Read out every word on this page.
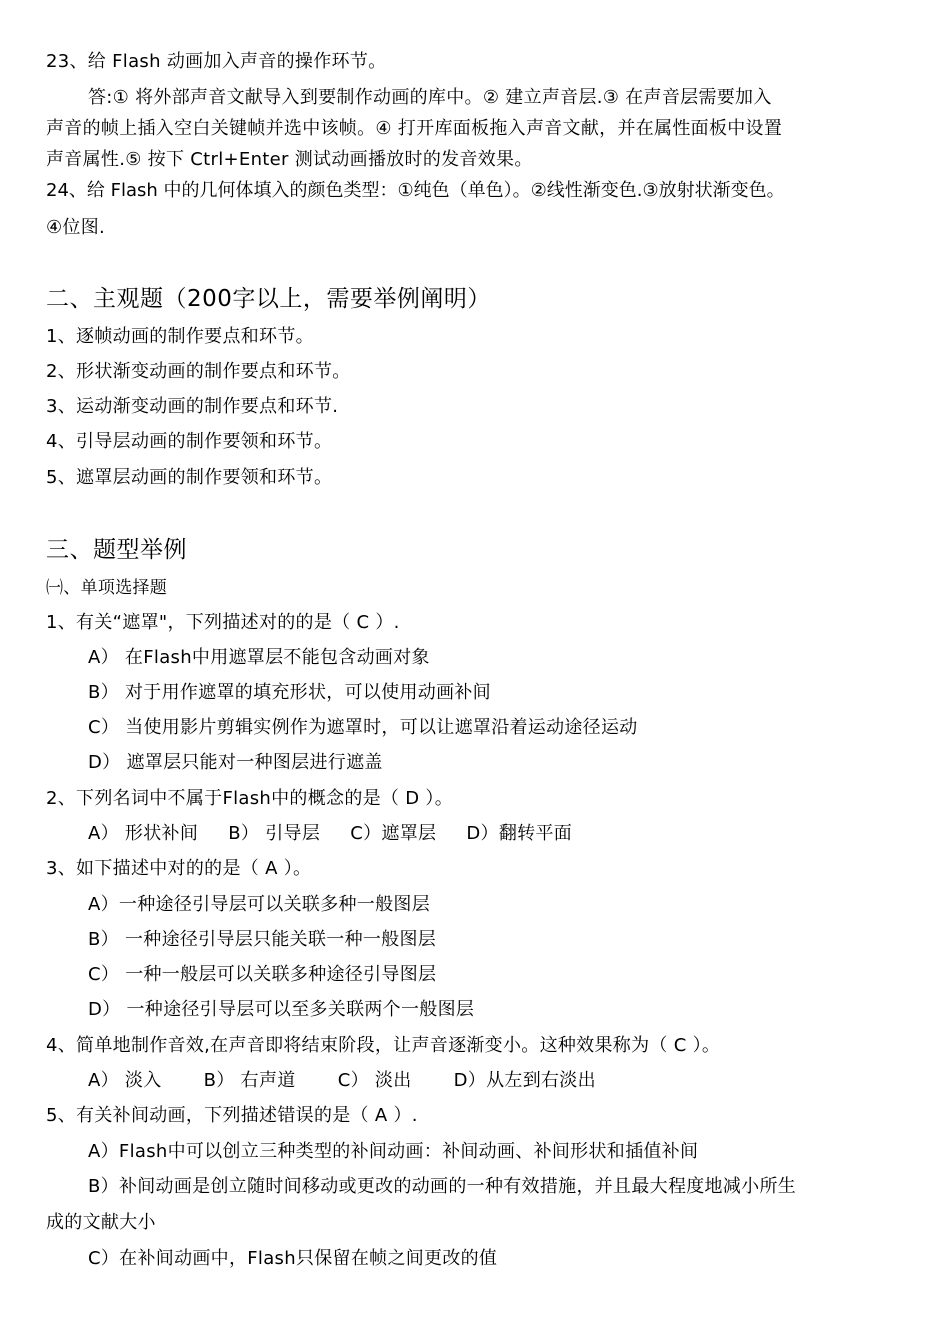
23、给 Flash 动画加入声音的操作环节。
答:① 将外部声音文献导入到要制作动画的库中。② 建立声音层.③ 在声音层需要加入
声音的帧上插入空白关键帧并选中该帧。④ 打开库面板拖入声音文献，并在属性面板中设置
声音属性.⑤ 按下 Ctrl+Enter 测试动画播放时的发音效果。
24、给 Flash 中的几何体填入的颜色类型：①纯色（单色）。②线性渐变色.③放射状渐变色。
④位图.
二、主观题（200字以上，需要举例阐明）
1、逐帧动画的制作要点和环节。
2、形状渐变动画的制作要点和环节。
3、运动渐变动画的制作要点和环节.
4、引导层动画的制作要领和环节。
5、遮罩层动画的制作要领和环节。
三、题型举例
㈠、单项选择题
1、有关“遮罩"，下列描述对的的是（ C ）.
A） 在Flash中用遮罩层不能包含动画对象
B） 对于用作遮罩的填充形状，可以使用动画补间
C） 当使用影片剪辑实例作为遮罩时，可以让遮罩沿着运动途径运动
D） 遮罩层只能对一种图层进行遮盖
2、下列名词中不属于Flash中的概念的是（ D ）。
A） 形状补间     B） 引导层     C）遮罩层     D）翻转平面
3、如下描述中对的的是（ A ）。
A）一种途径引导层可以关联多种一般图层
B） 一种途径引导层只能关联一种一般图层
C） 一种一般层可以关联多种途径引导图层
D） 一种途径引导层可以至多关联两个一般图层
4、简单地制作音效,在声音即将结束阶段，让声音逐渐变小。这种效果称为（ C ）。
A） 淡入       B） 右声道       C） 淡出       D）从左到右淡出
5、有关补间动画，下列描述错误的是（ A ）.
A）Flash中可以创立三种类型的补间动画：补间动画、补间形状和插值补间
B）补间动画是创立随时间移动或更改的动画的一种有效措施，并且最大程度地减小所生
成的文献大小
C）在补间动画中，Flash只保留在帧之间更改的值
